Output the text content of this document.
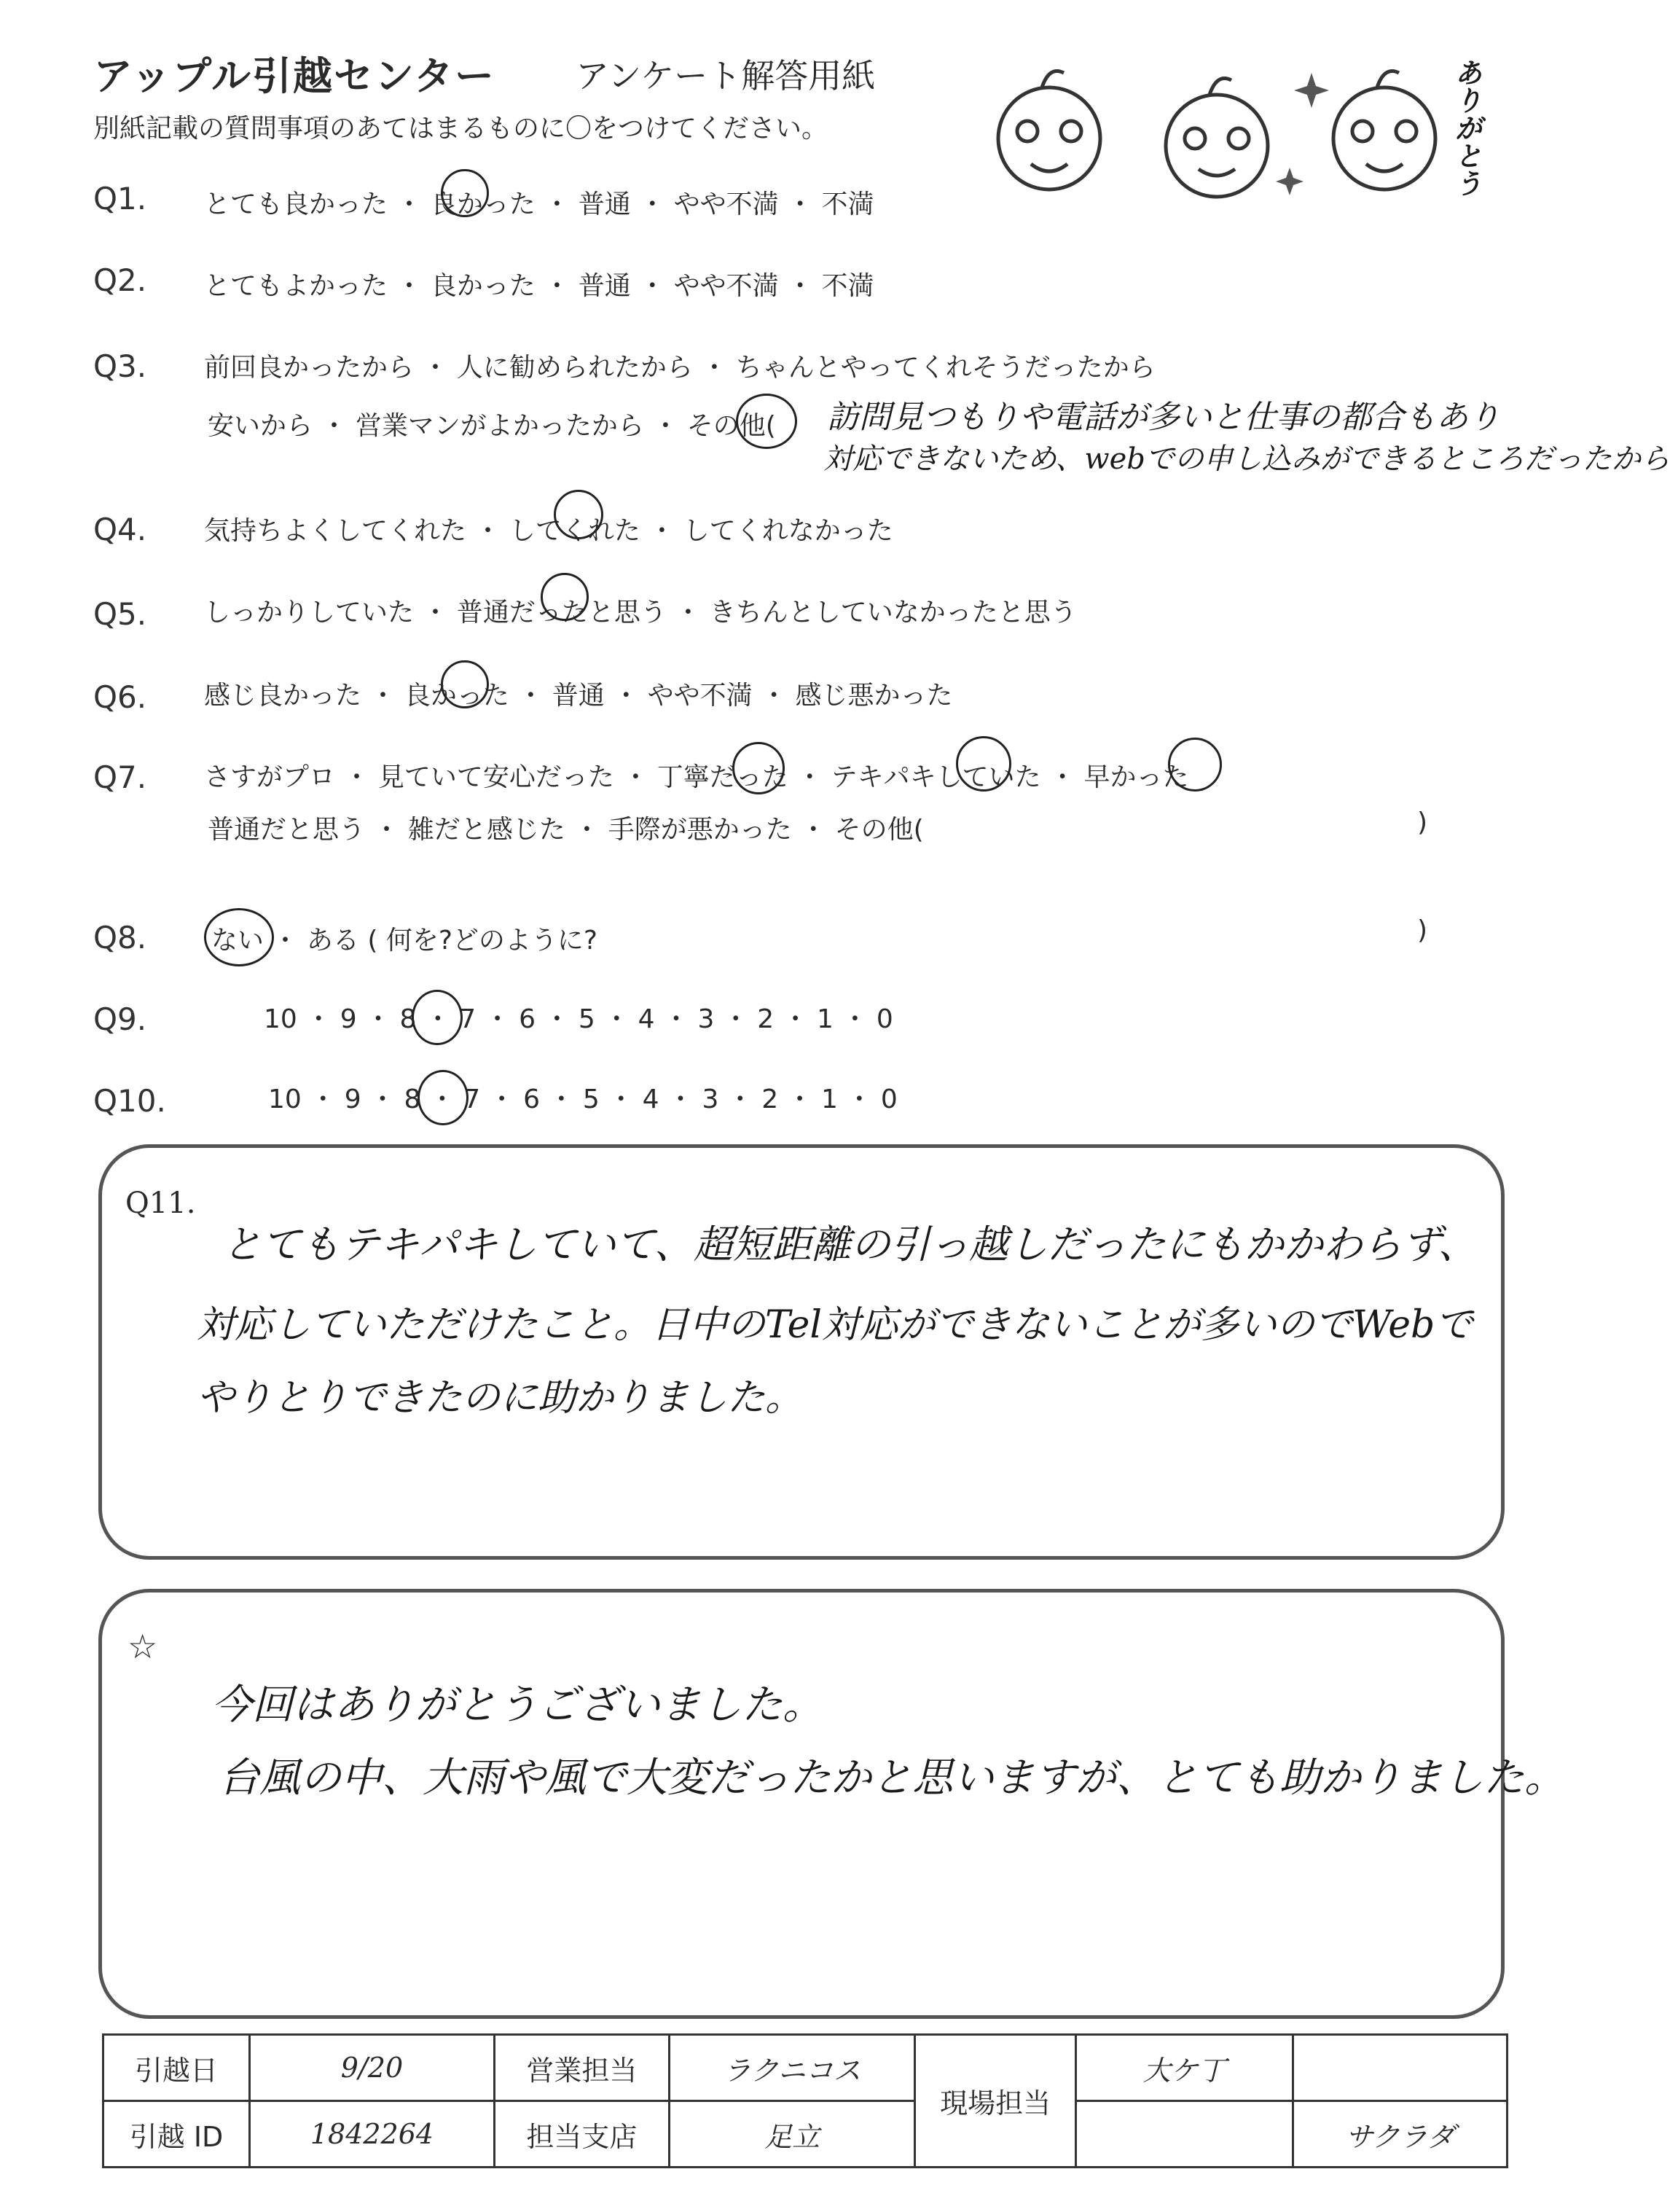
アップル引越センター アンケート解答用紙
別紙記載の質問事項のあてはまるものに〇をつけてください。	ありがとう
Q1. とても良かった ・ 良かった ・ 普通 ・ やや不満 ・ 不満
Q2. とてもよかった ・ 良かった ・ 普通 ・ やや不満 ・ 不満
Q3. 前回良かったから ・ 人に勧められたから ・ ちゃんとやってくれそうだったから
安いから ・ 営業マンがよかったから ・ その他( 訪問見つもりや電話が多いと仕事の都合もあり
対応できないため、webでの申し込みができるところだったから
Q4. 気持ちよくしてくれた ・ してくれた ・ してくれなかった
Q5. しっかりしていた ・ 普通だったと思う ・ きちんとしていなかったと思う
Q6. 感じ良かった ・ 良かった ・ 普通 ・ やや不満 ・ 感じ悪かった
Q7. さすがプロ ・ 見ていて安心だった ・ 丁寧だった ・ テキパキしていた ・ 早かった
普通だと思う ・ 雑だと感じた ・ 手際が悪かった ・ その他(	)
Q8. ない ・ ある ( 何を?どのように?	)
Q9.	10 ・ 9 ・ 8 ・ 7 ・ 6 ・ 5 ・ 4 ・ 3 ・ 2 ・ 1 ・ 0
Q10.	10 ・ 9 ・ 8 ・ 7 ・ 6 ・ 5 ・ 4 ・ 3 ・ 2 ・ 1 ・ 0
Q11.
とてもテキパキしていて、超短距離の引っ越しだったにもかかわらず、
対応していただけたこと。日中のTel対応ができないことが多いのでWebで
やりとりできたのに助かりました。
☆
今回はありがとうございました。
台風の中、大雨や風で大変だったかと思いますが、とても助かりました。
引越日	9/20	営業担当	ラクニコス	現場担当	大ケ丁	
引越 ID	1842264	担当支店	足立			サクラダ
